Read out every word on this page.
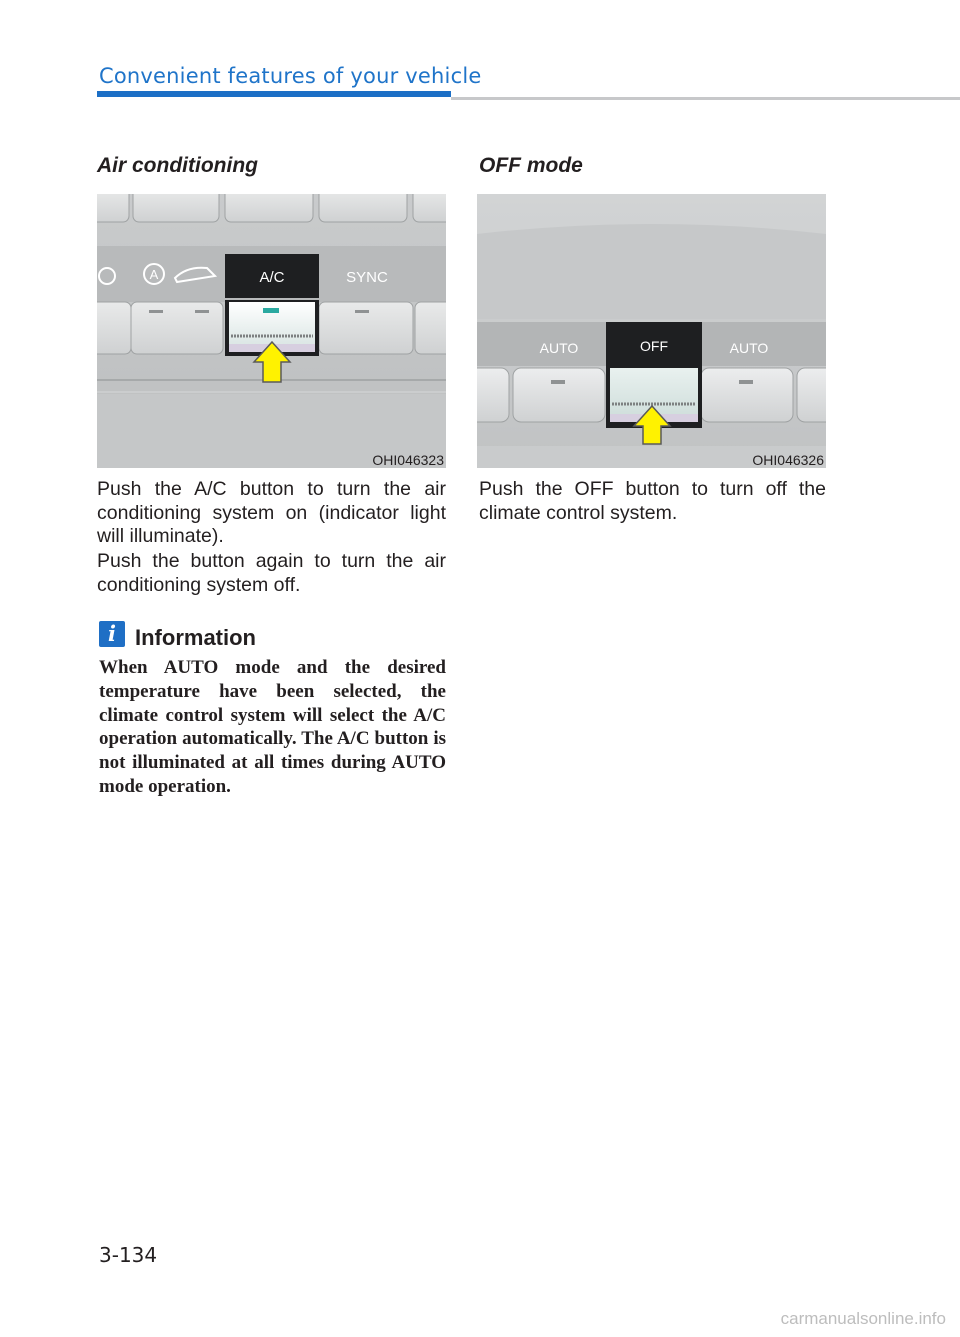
Convenient features of your vehicle
Air conditioning
A	A/C	SYNC
OHI046323

Push the A/C button to turn the air conditioning system on (indicator light will illuminate).

Push the button again to turn the air conditioning system off.

i Information

When AUTO mode and the desired temperature have been selected, the climate control system will select the A/C operation automatically. The A/C button is not illuminated at all times during AUTO mode operation.

OFF mode
AUTO	OFF	AUTO
OHI046326

Push the OFF button to turn off the climate control system.

3-134
carmanualsonline.info
